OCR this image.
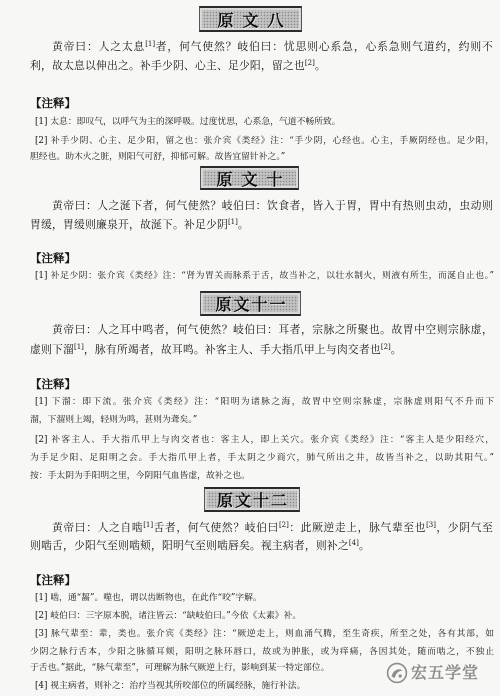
原文八

黄帝曰：人之太息[1]者，何气使然？岐伯曰：忧思则心系急，心系急则气道约，约则不

利，故太息以伸出之。补手少阴、心主、足少阳，留之也[2]。

【注释】

[1] 太息：即叹气，以呼气为主的深呼吸。过度忧思，心系急，气道不畅所致。

[2] 补手少阴、心主、足少阳，留之也：张介宾《类经》注：“手少阴，心经也。心主，手厥阴经也。足少阳，

胆经也。助木火之脏，则阳气可舒，抑郁可解。故皆宜留针补之。”

原文十

黄帝曰：人之涎下者，何气使然？岐伯曰：饮食者，皆入于胃，胃中有热则虫动，虫动则

胃缓，胃缓则廉泉开，故涎下。补足少阴[1]。

【注释】

[1] 补足少阴：张介宾《类经》注：“肾为胃关而脉系于舌，故当补之，以壮水制火，则液有所生，而涎自止也。”

原文十一

黄帝曰：人之耳中鸣者，何气使然？岐伯曰：耳者，宗脉之所聚也。故胃中空则宗脉虚，

虚则下溜[1]，脉有所竭者，故耳鸣。补客主人、手大指爪甲上与肉交者也[2]。

【注释】

[1] 下溜：即下流。张介宾《类经》注：“阳明为诸脉之海，故胃中空则宗脉虚，宗脉虚则阳气不升而下

溜，下溜则上竭，轻则为鸣，甚则为聋矣。”

[2] 补客主人、手大指爪甲上与肉交者也：客主人，即上关穴。张介宾《类经》注：“客主人是少阳经穴，

为手足少阳、足阳明之会。手大指爪甲上者，手太阴之少商穴，肺气所出之井，故皆当补之，以助其阳气。”

按：手太阴为手阳明之里，今阴阳气血皆虚，故补之也。

原文十二

黄帝曰：人之自啮[1]舌者，何气使然？岐伯曰[2]：此厥逆走上，脉气辈至也[3]，少阴气至

则啮舌，少阳气至则啮颊，阳明气至则啮唇矣。视主病者，则补之[4]。

【注释】

[1] 啮，通“齧”。噬也，谓以齿断物也，在此作“咬”字解。

[2] 岐伯曰：三字原本脱，诸注皆云：“缺岐伯曰。”今依《太素》补。

[3] 脉气辈至：辈，类也。张介宾《类经》注：“厥逆走上，则血涌气腾，至生奇疾，所至之处，各有其部，如

少阴之脉行舌本，少阳之脉循耳颊，阳明之脉环唇口，故或为肿胀，或为痒痛，各因其处，随而啮之，不独止

于舌也。”据此，“脉气辈至”，可理解为脉气厥逆上行，影响到某一特定部位。

[4] 视主病者，则补之：治疗当视其所咬部位的所属经脉，施行补法。

宏五学堂
